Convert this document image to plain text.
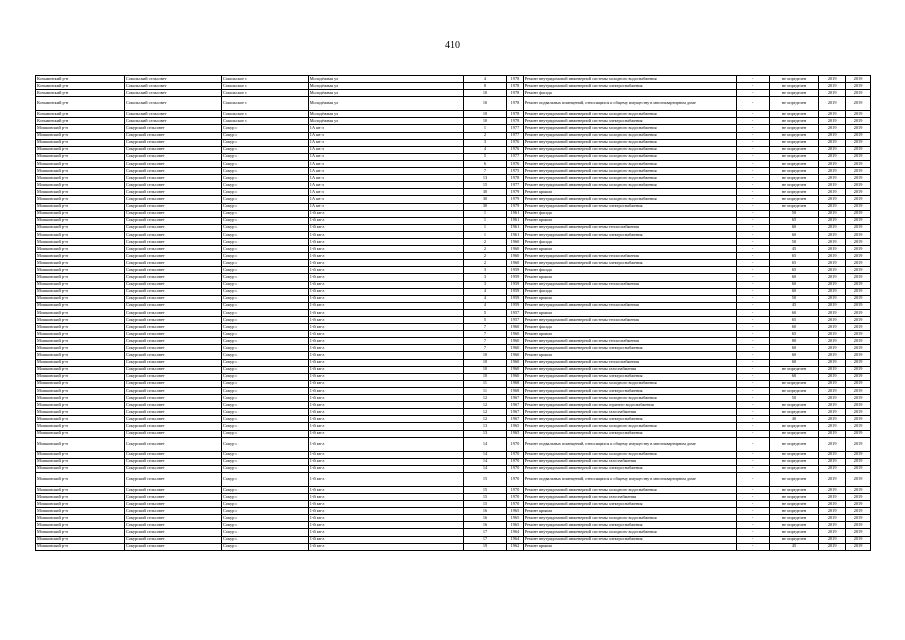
410
Козьминский р-н	Сокольский сельсовет	Сокольское с	Молодёжная ул	4	1978	Ремонт внутридомовой инженерной системы холодного водоснабжения	-	не определен	2019	2019
Козьминский р-н	Сокольский сельсовет	Сокольское с	Молодёжная ул	8	1978	Ремонт внутридомовой инженерной системы электроснабжения	-	не определен	2019	2019
Козьминский р-н	Сокольский сельсовет	Сокольское с	Молодёжная ул	10	1978	Ремонт фасада	-	не определен	2019	2019
Козьминский р-н	Сокольский сельсовет	Сокольское с	Молодёжная ул	10	1978	Ремонт подвальных помещений, относящихся к общему имуществу в многоквартирном доме	-	не определен	2019	2019
Козьминский р-н	Сокольский сельсовет	Сокольское с	Молодёжная ул	10	1978	Ремонт внутридомовой инженерной системы холодного водоснабжения	-	не определен	2019	2019
Козьминский р-н	Сокольский сельсовет	Сокольское с	Молодёжная ул	10	1978	Ремонт внутридомовой инженерной системы электроснабжения	-	не определен	2019	2019
Мошковский р-н	Сокурский сельсовет	Сокур с	1А кв-л	1	1977	Ремонт внутридомовой инженерной системы холодного водоснабжения	-	не определен	2019	2019
Мошковский р-н	Сокурский сельсовет	Сокур с	1А кв-л	2	1977	Ремонт внутридомовой инженерной системы холодного водоснабжения	-	не определен	2019	2019
Мошковский р-н	Сокурский сельсовет	Сокур с	1А кв-л	3	1976	Ремонт внутридомовой инженерной системы холодного водоснабжения	-	не определен	2019	2019
Мошковский р-н	Сокурский сельсовет	Сокур с	1А кв-л	4	1976	Ремонт внутридомовой инженерной системы холодного водоснабжения	-	не определен	2019	2019
Мошковский р-н	Сокурский сельсовет	Сокур с	1А кв-л	5	1977	Ремонт внутридомовой инженерной системы холодного водоснабжения	-	не определен	2019	2019
Мошковский р-н	Сокурский сельсовет	Сокур с	1А кв-л	6	1976	Ремонт внутридомовой инженерной системы холодного водоснабжения	-	не определен	2019	2019
Мошковский р-н	Сокурский сельсовет	Сокур с	1А кв-л	7	1975	Ремонт внутридомовой инженерной системы холодного водоснабжения	-	не определен	2019	2019
Мошковский р-н	Сокурский сельсовет	Сокур с	1А кв-л	13	1978	Ремонт внутридомовой инженерной системы холодного водоснабжения	-	не определен	2019	2019
Мошковский р-н	Сокурский сельсовет	Сокур с	1А кв-л	15	1977	Ремонт внутридомовой инженерной системы холодного водоснабжения	-	не определен	2019	2019
Мошковский р-н	Сокурский сельсовет	Сокур с	1А кв-л	30	1979	Ремонт крыши	-	не определен	2019	2019
Мошковский р-н	Сокурский сельсовет	Сокур с	1А кв-л	30	1979	Ремонт внутридомовой инженерной системы холодного водоснабжения	-	не определен	2019	2019
Мошковский р-н	Сокурский сельсовет	Сокур с	1А кв-л	30	1979	Ремонт внутридомовой инженерной системы электроснабжения	-	не определен	2019	2019
Мошковский р-н	Сокурский сельсовет	Сокур с	1-й кв-л	1	1961	Ремонт фасада	-	50	2019	2019
Мошковский р-н	Сокурский сельсовет	Сокур с	1-й кв-л	1	1961	Ремонт крыши	-	65	2019	2019
Мошковский р-н	Сокурский сельсовет	Сокур с	1-й кв-л	1	1961	Ремонт внутридомовой инженерной системы теплоснабжения	-	60	2019	2019
Мошковский р-н	Сокурский сельсовет	Сокур с	1-й кв-л	1	1961	Ремонт внутридомовой инженерной системы электроснабжения	-	60	2019	2019
Мошковский р-н	Сокурский сельсовет	Сокур с	1-й кв-л	2	1960	Ремонт фасада	-	50	2019	2019
Мошковский р-н	Сокурский сельсовет	Сокур с	1-й кв-л	2	1960	Ремонт крыши	-	45	2019	2019
Мошковский р-н	Сокурский сельсовет	Сокур с	1-й кв-л	2	1960	Ремонт внутридомовой инженерной системы теплоснабжения	-	65	2019	2019
Мошковский р-н	Сокурский сельсовет	Сокур с	1-й кв-л	2	1960	Ремонт внутридомовой инженерной системы электроснабжения	-	65	2019	2019
Мошковский р-н	Сокурский сельсовет	Сокур с	1-й кв-л	3	1959	Ремонт фасада	-	65	2019	2019
Мошковский р-н	Сокурский сельсовет	Сокур с	1-й кв-л	3	1959	Ремонт крыши	-	60	2019	2019
Мошковский р-н	Сокурский сельсовет	Сокур с	1-й кв-л	3	1959	Ремонт внутридомовой инженерной системы теплоснабжения	-	60	2019	2019
Мошковский р-н	Сокурский сельсовет	Сокур с	1-й кв-л	4	1959	Ремонт фасада	-	60	2019	2019
Мошковский р-н	Сокурский сельсовет	Сокур с	1-й кв-л	4	1959	Ремонт крыши	-	50	2019	2019
Мошковский р-н	Сокурский сельсовет	Сокур с	1-й кв-л	4	1959	Ремонт внутридомовой инженерной системы теплоснабжения	-	45	2019	2019
Мошковский р-н	Сокурский сельсовет	Сокур с	1-й кв-л	5	1957	Ремонт крыши	-	60	2019	2019
Мошковский р-н	Сокурский сельсовет	Сокур с	1-й кв-л	5	1957	Ремонт внутридомовой инженерной системы теплоснабжения	-	65	2019	2019
Мошковский р-н	Сокурский сельсовет	Сокур с	1-й кв-л	7	1960	Ремонт фасада	-	60	2019	2019
Мошковский р-н	Сокурский сельсовет	Сокур с	1-й кв-л	7	1960	Ремонт крыши	-	65	2019	2019
Мошковский р-н	Сокурский сельсовет	Сокур с	1-й кв-л	7	1960	Ремонт внутридомовой инженерной системы теплоснабжения	-	80	2019	2019
Мошковский р-н	Сокурский сельсовет	Сокур с	1-й кв-л	7	1960	Ремонт внутридомовой инженерной системы электроснабжения	-	60	2019	2019
Мошковский р-н	Сокурский сельсовет	Сокур с	1-й кв-л	10	1960	Ремонт крыши	-	60	2019	2019
Мошковский р-н	Сокурский сельсовет	Сокур с	1-й кв-л	10	1960	Ремонт внутридомовой инженерной системы теплоснабжения	-	60	2019	2019
Мошковский р-н	Сокурский сельсовет	Сокур с	1-й кв-л	10	1960	Ремонт внутридомовой инженерной системы газоснабжения	-	не определен	2019	2019
Мошковский р-н	Сокурский сельсовет	Сокур с	1-й кв-л	10	1960	Ремонт внутридомовой инженерной системы электроснабжения	-	60	2019	2019
Мошковский р-н	Сокурский сельсовет	Сокур с	1-й кв-л	11	1968	Ремонт внутридомовой инженерной системы холодного водоснабжения	-	не определен	2019	2019
Мошковский р-н	Сокурский сельсовет	Сокур с	1-й кв-л	11	1968	Ремонт внутридомовой инженерной системы электроснабжения	-	не определен	2019	2019
Мошковский р-н	Сокурский сельсовет	Сокур с	1-й кв-л	12	1967	Ремонт внутридомовой инженерной системы холодного водоснабжения	-	50	2019	2019
Мошковский р-н	Сокурский сельсовет	Сокур с	1-й кв-л	12	1967	Ремонт внутридомовой инженерной системы горячего водоснабжения	-	не определен	2019	2019
Мошковский р-н	Сокурский сельсовет	Сокур с	1-й кв-л	12	1967	Ремонт внутридомовой инженерной системы газоснабжения	-	не определен	2019	2019
Мошковский р-н	Сокурский сельсовет	Сокур с	1-й кв-л	12	1967	Ремонт внутридомовой инженерной системы электроснабжения	-	40	2019	2019
Мошковский р-н	Сокурский сельсовет	Сокур с	1-й кв-л	13	1965	Ремонт внутридомовой инженерной системы холодного водоснабжения	-	не определен	2019	2019
Мошковский р-н	Сокурский сельсовет	Сокур с	1-й кв-л	13	1965	Ремонт внутридомовой инженерной системы электроснабжения	-	не определен	2019	2019
Мошковский р-н	Сокурский сельсовет	Сокур с	1-й кв-л	14	1970	Ремонт подвальных помещений, относящихся к общему имуществу в многоквартирном доме	-	не определен	2019	2019
Мошковский р-н	Сокурский сельсовет	Сокур с	1-й кв-л	14	1970	Ремонт внутридомовой инженерной системы холодного водоснабжения	-	не определен	2019	2019
Мошковский р-н	Сокурский сельсовет	Сокур с	1-й кв-л	14	1970	Ремонт внутридомовой инженерной системы газоснабжения	-	не определен	2019	2019
Мошковский р-н	Сокурский сельсовет	Сокур с	1-й кв-л	14	1970	Ремонт внутридомовой инженерной системы электроснабжения	-	не определен	2019	2019
Мошковский р-н	Сокурский сельсовет	Сокур с	1-й кв-л	15	1970	Ремонт подвальных помещений, относящихся к общему имуществу в многоквартирном доме	-	не определен	2019	2019
Мошковский р-н	Сокурский сельсовет	Сокур с	1-й кв-л	15	1970	Ремонт внутридомовой инженерной системы холодного водоснабжения	-	не определен	2019	2019
Мошковский р-н	Сокурский сельсовет	Сокур с	1-й кв-л	15	1970	Ремонт внутридомовой инженерной системы газоснабжения	-	не определен	2019	2019
Мошковский р-н	Сокурский сельсовет	Сокур с	1-й кв-л	15	1970	Ремонт внутридомовой инженерной системы электроснабжения	-	не определен	2019	2019
Мошковский р-н	Сокурский сельсовет	Сокур с	1-й кв-л	16	1965	Ремонт крыши	-	не определен	2019	2019
Мошковский р-н	Сокурский сельсовет	Сокур с	1-й кв-л	16	1965	Ремонт внутридомовой инженерной системы холодного водоснабжения	-	не определен	2019	2019
Мошковский р-н	Сокурский сельсовет	Сокур с	1-й кв-л	16	1965	Ремонт внутридомовой инженерной системы электроснабжения	-	не определен	2019	2019
Мошковский р-н	Сокурский сельсовет	Сокур с	1-й кв-л	17	1964	Ремонт внутридомовой инженерной системы холодного водоснабжения	-	не определен	2019	2019
Мошковский р-н	Сокурский сельсовет	Сокур с	1-й кв-л	17	1964	Ремонт внутридомовой инженерной системы электроснабжения	-	не определен	2019	2019
Мошковский р-н	Сокурский сельсовет	Сокур с	1-й кв-л	19	1962	Ремонт крыши	-	45	2019	2019
